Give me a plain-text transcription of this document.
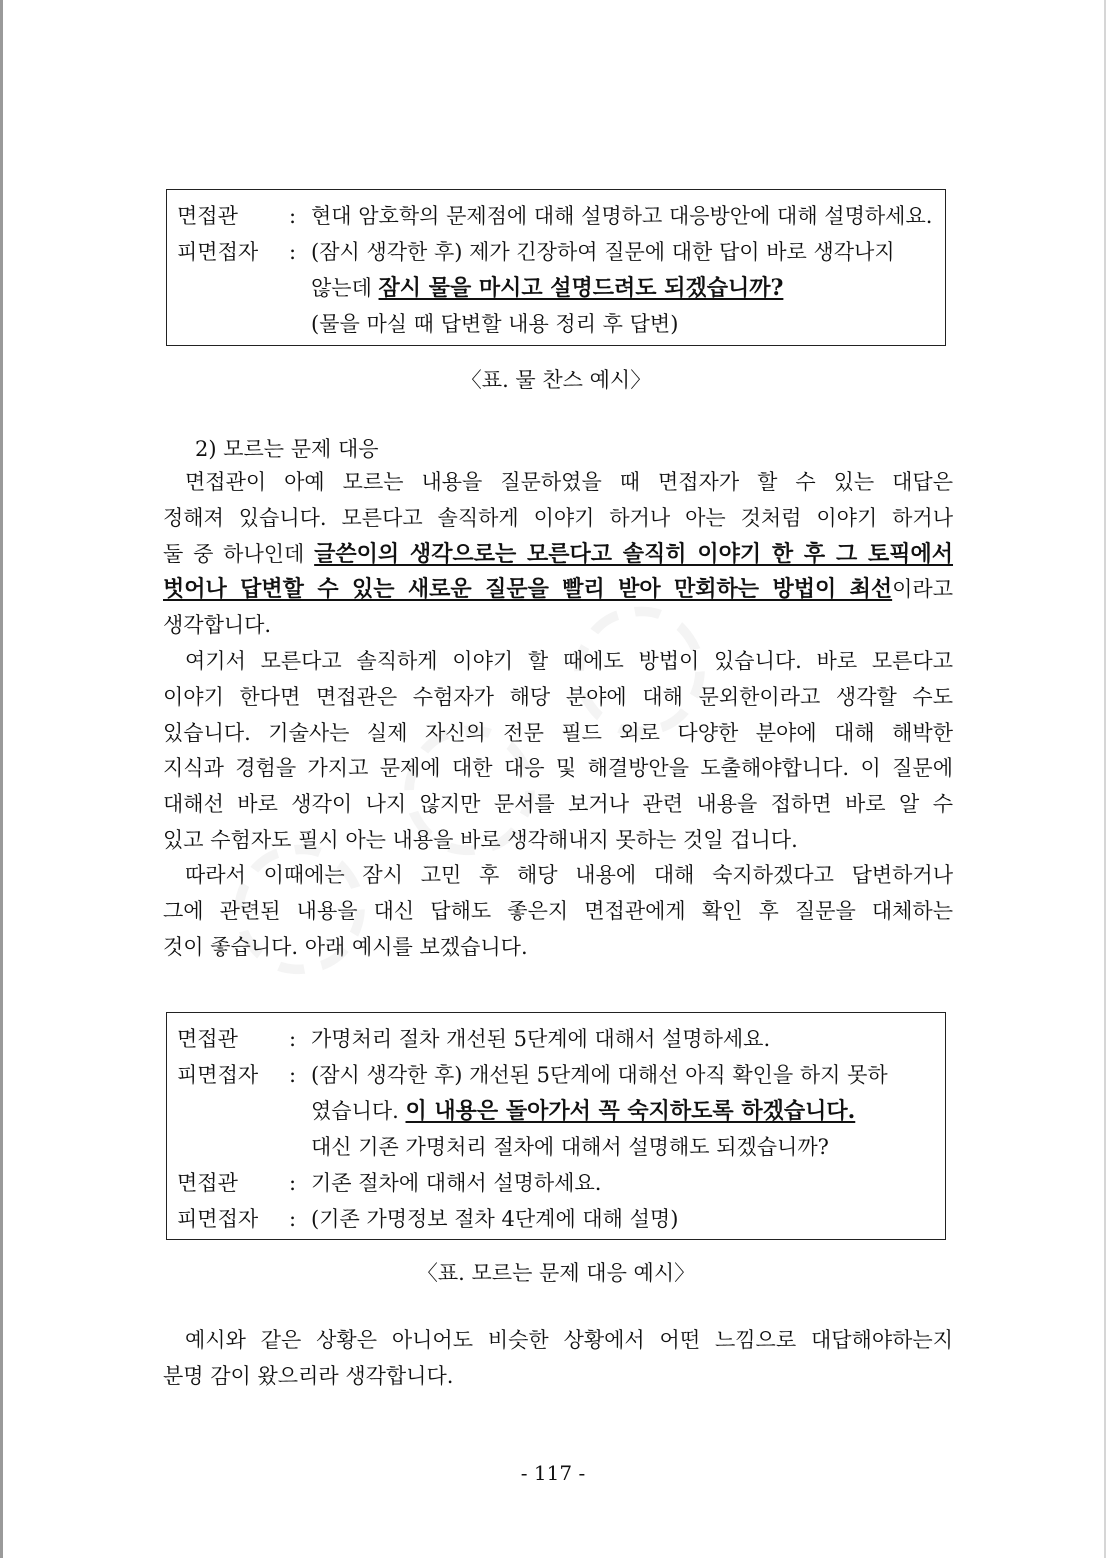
면접관	: 현대 암호학의 문제점에 대해 설명하고 대응방안에 대해 설명하세요.
피면접자	: (잠시 생각한 후) 제가 긴장하여 질문에 대한 답이 바로 생각나지
않는데 잠시 물을 마시고 설명드려도 되겠습니까?
(물을 마실 때 답변할 내용 정리 후 답변)
〈표. 물 찬스 예시〉
2) 모르는 문제 대응
면접관이 아예 모르는 내용을 질문하였을 때 면접자가 할 수 있는 대답은
정해져 있습니다. 모른다고 솔직하게 이야기 하거나 아는 것처럼 이야기 하거나
둘 중 하나인데 글쓴이의 생각으로는 모른다고 솔직히 이야기 한 후 그 토픽에서
벗어나 답변할 수 있는 새로운 질문을 빨리 받아 만회하는 방법이 최선이라고
생각합니다.
여기서 모른다고 솔직하게 이야기 할 때에도 방법이 있습니다. 바로 모른다고
이야기 한다면 면접관은 수험자가 해당 분야에 대해 문외한이라고 생각할 수도
있습니다. 기술사는 실제 자신의 전문 필드 외로 다양한 분야에 대해 해박한
지식과 경험을 가지고 문제에 대한 대응 및 해결방안을 도출해야합니다. 이 질문에
대해선 바로 생각이 나지 않지만 문서를 보거나 관련 내용을 접하면 바로 알 수
있고 수험자도 필시 아는 내용을 바로 생각해내지 못하는 것일 겁니다.
따라서 이때에는 잠시 고민 후 해당 내용에 대해 숙지하겠다고 답변하거나
그에 관련된 내용을 대신 답해도 좋은지 면접관에게 확인 후 질문을 대체하는
것이 좋습니다. 아래 예시를 보겠습니다.
면접관	: 가명처리 절차 개선된 5단계에 대해서 설명하세요.
피면접자	: (잠시 생각한 후) 개선된 5단계에 대해선 아직 확인을 하지 못하
였습니다. 이 내용은 돌아가서 꼭 숙지하도록 하겠습니다.
대신 기존 가명처리 절차에 대해서 설명해도 되겠습니까?
면접관	: 기존 절차에 대해서 설명하세요.
피면접자	: (기존 가명정보 절차 4단계에 대해 설명)
〈표. 모르는 문제 대응 예시〉
예시와 같은 상황은 아니어도 비슷한 상황에서 어떤 느낌으로 대답해야하는지
분명 감이 왔으리라 생각합니다.
- 117 -
